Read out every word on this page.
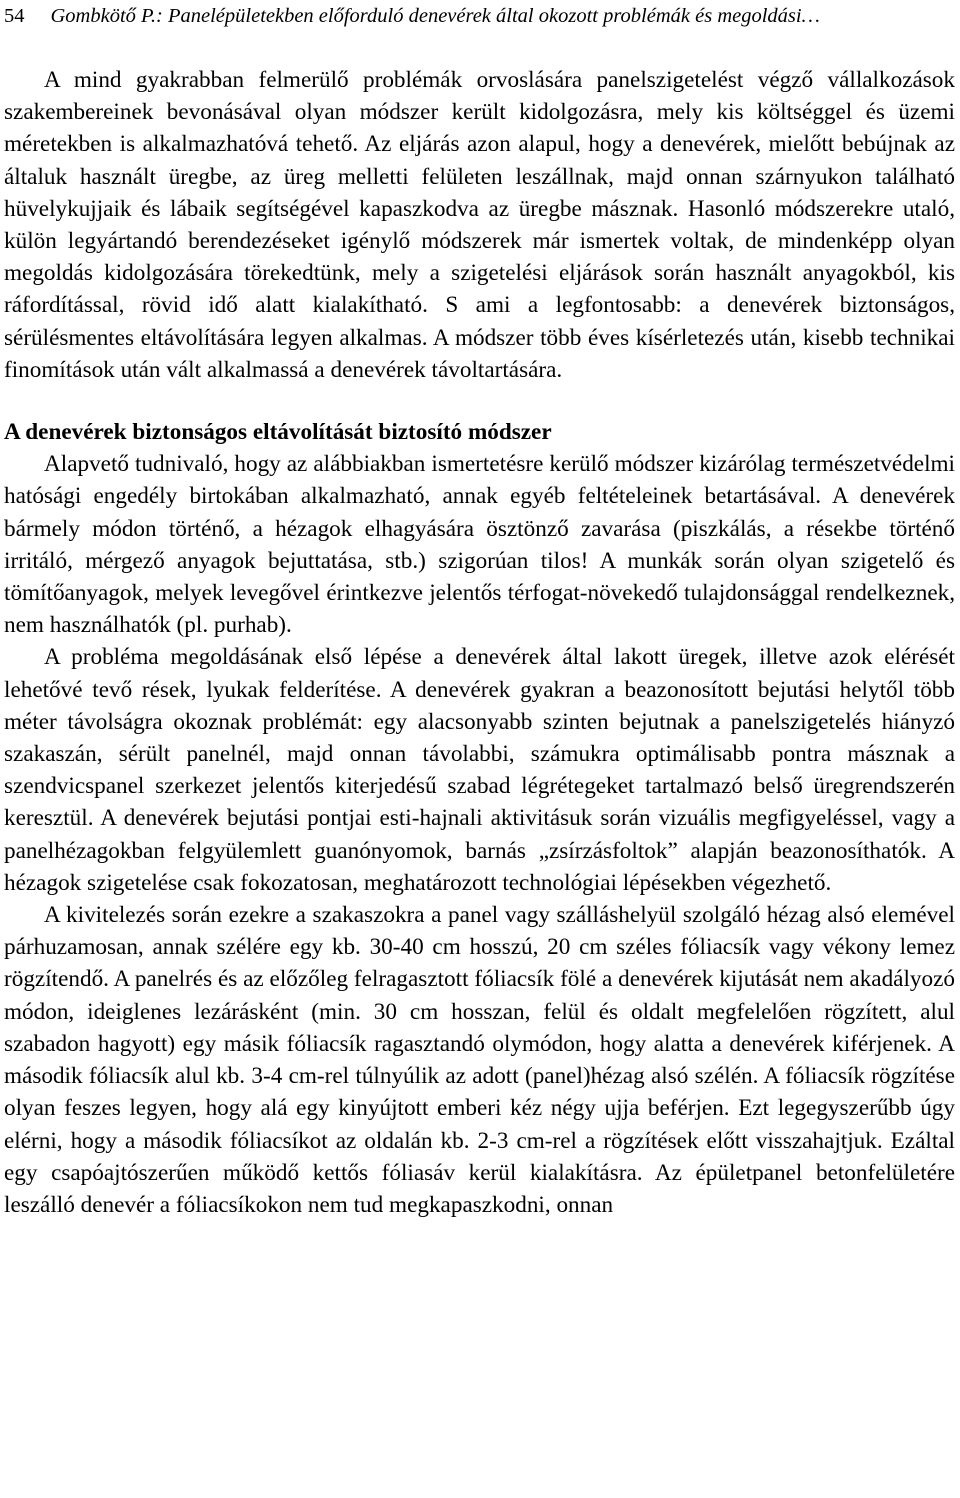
54 Gombkötő P.: Panelépületekben előforduló denevérek által okozott problémák és megoldási…

A mind gyakrabban felmerülő problémák orvoslására panelszigetelést végző vállalkozások szakembereinek bevonásával olyan módszer került kidolgozásra, mely kis költséggel és üzemi méretekben is alkalmazhatóvá tehető. Az eljárás azon alapul, hogy a denevérek, mielőtt bebújnak az általuk használt üregbe, az üreg melletti felületen leszállnak, majd onnan szárnyukon található hüvelykujjaik és lábaik segítségével kapaszkodva az üregbe másznak. Hasonló módszerekre utaló, külön legyártandó berendezéseket igénylő módszerek már ismertek voltak, de mindenképp olyan megoldás kidolgozására törekedtünk, mely a szigetelési eljárások során használt anyagokból, kis ráfordítással, rövid idő alatt kialakítható. S ami a legfontosabb: a denevérek biztonságos, sérülésmentes eltávolítására legyen alkalmas. A módszer több éves kísérletezés után, kisebb technikai finomítások után vált alkalmassá a denevérek távoltartására.

A denevérek biztonságos eltávolítását biztosító módszer

Alapvető tudnivaló, hogy az alábbiakban ismertetésre kerülő módszer kizárólag természetvédelmi hatósági engedély birtokában alkalmazható, annak egyéb feltételeinek betartásával. A denevérek bármely módon történő, a hézagok elhagyására ösztönző zavarása (piszkálás, a résekbe történő irritáló, mérgező anyagok bejuttatása, stb.) szigorúan tilos! A munkák során olyan szigetelő és tömítőanyagok, melyek levegővel érintkezve jelentős térfogat-növekedő tulajdonsággal rendelkeznek, nem használhatók (pl. purhab).

A probléma megoldásának első lépése a denevérek által lakott üregek, illetve azok elérését lehetővé tevő rések, lyukak felderítése. A denevérek gyakran a beazonosított bejutási helytől több méter távolságra okoznak problémát: egy alacsonyabb szinten bejutnak a panelszigetelés hiányzó szakaszán, sérült panelnél, majd onnan távolabbi, számukra optimálisabb pontra másznak a szendvicspanel szerkezet jelentős kiterjedésű szabad légrétegeket tartalmazó belső üregrendszerén keresztül. A denevérek bejutási pontjai esti-hajnali aktivitásuk során vizuális megfigyeléssel, vagy a panelhézagokban felgyülemlett guanónyomok, barnás „zsírzásfoltok” alapján beazonosíthatók. A hézagok szigetelése csak fokozatosan, meghatározott technológiai lépésekben végezhető.

A kivitelezés során ezekre a szakaszokra a panel vagy szálláshelyül szolgáló hézag alsó elemével párhuzamosan, annak szélére egy kb. 30-40 cm hosszú, 20 cm széles fóliacsík vagy vékony lemez rögzítendő. A panelrés és az előzőleg felragasztott fóliacsík fölé a denevérek kijutását nem akadályozó módon, ideiglenes lezárásként (min. 30 cm hosszan, felül és oldalt megfelelően rögzített, alul szabadon hagyott) egy másik fóliacsík ragasztandó olymódon, hogy alatta a denevérek kiférjenek. A második fóliacsík alul kb. 3-4 cm-rel túlnyúlik az adott (panel)hézag alsó szélén. A fóliacsík rögzítése olyan feszes legyen, hogy alá egy kinyújtott emberi kéz négy ujja beférjen. Ezt legegyszerűbb úgy elérni, hogy a második fóliacsíkot az oldalán kb. 2-3 cm-rel a rögzítések előtt visszahajtjuk. Ezáltal egy csapóajtószerűen működő kettős fóliasáv kerül kialakításra. Az épületpanel betonfelületére leszálló denevér a fóliacsíkokon nem tud megkapaszkodni, onnan
